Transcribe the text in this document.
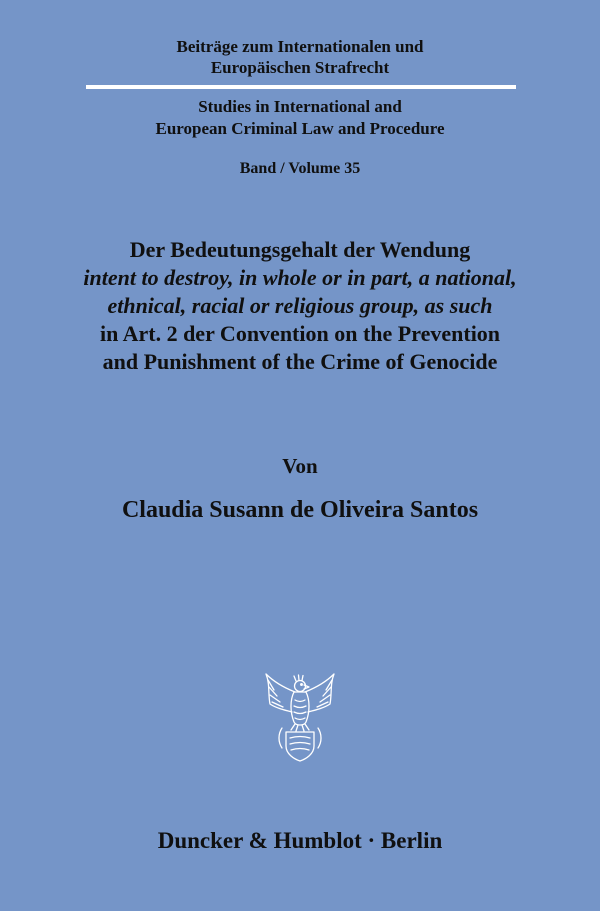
Beiträge zum Internationalen und
Europäischen Strafrecht
Studies in International and
European Criminal Law and Procedure
Band / Volume 35
Der Bedeutungsgehalt der Wendung
intent to destroy, in whole or in part, a national,
ethnical, racial or religious group, as such
in Art. 2 der Convention on the Prevention
and Punishment of the Crime of Genocide
Von
Claudia Susann de Oliveira Santos
Duncker & Humblot · Berlin
